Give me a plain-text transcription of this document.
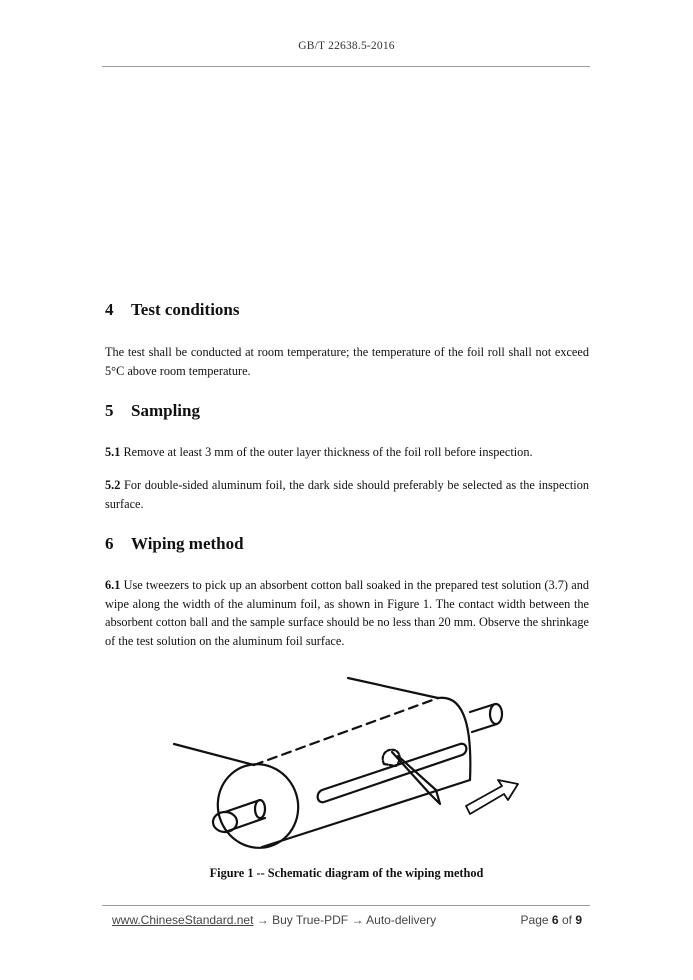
GB/T 22638.5-2016
4 Test conditions

The test shall be conducted at room temperature; the temperature of the foil roll shall not exceed 5°C above room temperature.

5 Sampling

5.1 Remove at least 3 mm of the outer layer thickness of the foil roll before inspection.

5.2 For double-sided aluminum foil, the dark side should preferably be selected as the inspection surface.

6 Wiping method

6.1 Use tweezers to pick up an absorbent cotton ball soaked in the prepared test solution (3.7) and wipe along the width of the aluminum foil, as shown in Figure 1. The contact width between the absorbent cotton ball and the sample surface should be no less than 20 mm. Observe the shrinkage of the test solution on the aluminum foil surface.

Figure 1 -- Schematic diagram of the wiping method
www.ChineseStandard.net → Buy True-PDF → Auto-delivery	Page 6 of 9
